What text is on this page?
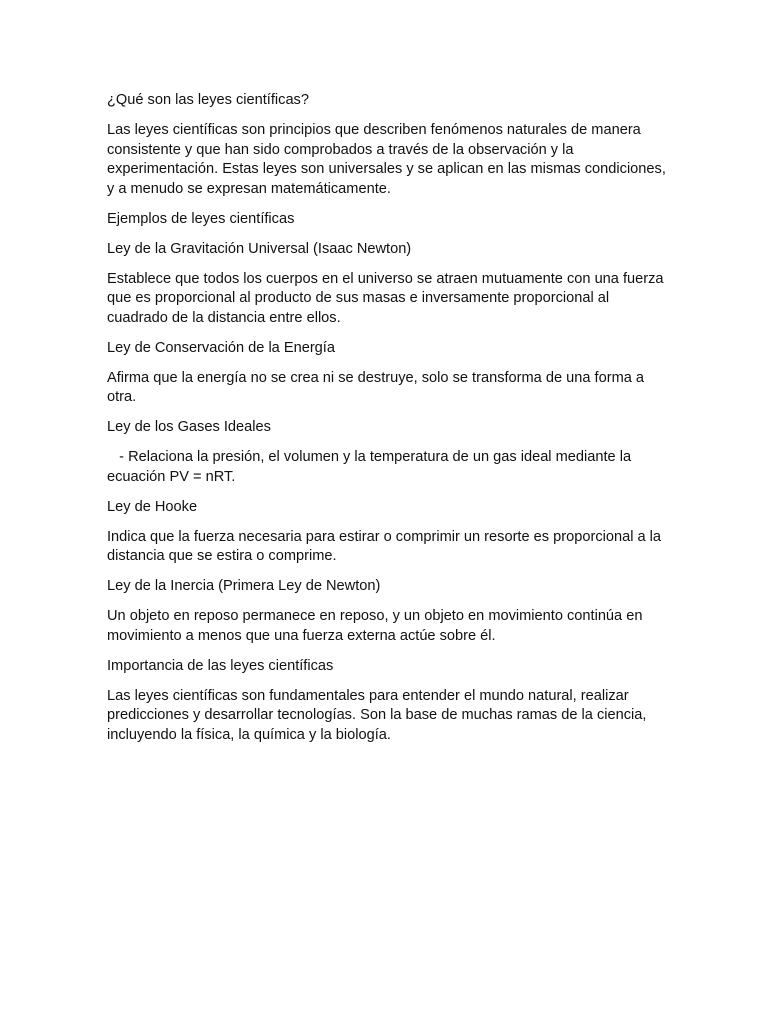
¿Qué son las leyes científicas?

Las leyes científicas son principios que describen fenómenos naturales de manera consistente y que han sido comprobados a través de la observación y la experimentación. Estas leyes son universales y se aplican en las mismas condiciones, y a menudo se expresan matemáticamente.

Ejemplos de leyes científicas

Ley de la Gravitación Universal (Isaac Newton)

Establece que todos los cuerpos en el universo se atraen mutuamente con una fuerza que es proporcional al producto de sus masas e inversamente proporcional al cuadrado de la distancia entre ellos.

Ley de Conservación de la Energía

Afirma que la energía no se crea ni se destruye, solo se transforma de una forma a otra.

Ley de los Gases Ideales

- Relaciona la presión, el volumen y la temperatura de un gas ideal mediante la ecuación PV = nRT.

Ley de Hooke

Indica que la fuerza necesaria para estirar o comprimir un resorte es proporcional a la distancia que se estira o comprime.

Ley de la Inercia (Primera Ley de Newton)

Un objeto en reposo permanece en reposo, y un objeto en movimiento continúa en movimiento a menos que una fuerza externa actúe sobre él.

Importancia de las leyes científicas

Las leyes científicas son fundamentales para entender el mundo natural, realizar predicciones y desarrollar tecnologías. Son la base de muchas ramas de la ciencia, incluyendo la física, la química y la biología.
